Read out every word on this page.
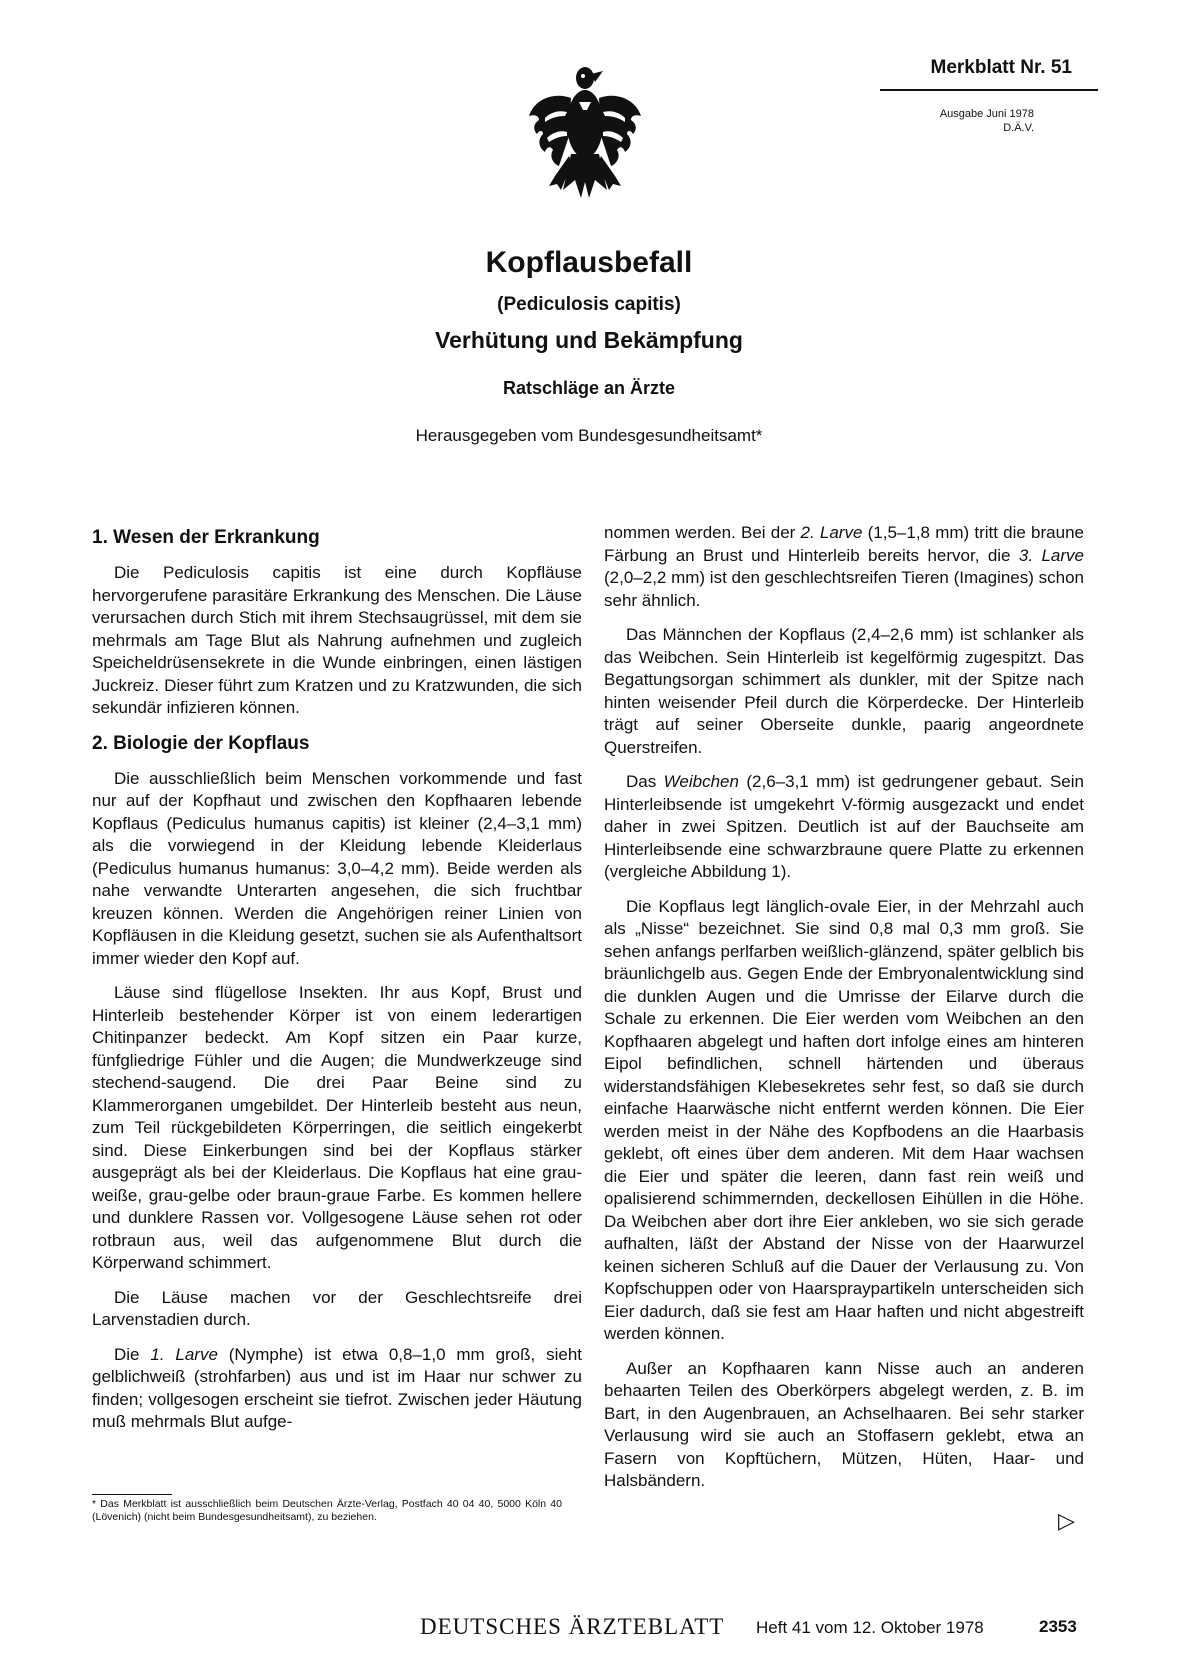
Merkblatt Nr. 51
Ausgabe Juni 1978
D.Ä.V.
Kopflausbefall
(Pediculosis capitis)
Verhütung und Bekämpfung
Ratschläge an Ärzte
Herausgegeben vom Bundesgesundheitsamt*
1. Wesen der Erkrankung

Die Pediculosis capitis ist eine durch Kopfläuse hervorgerufene parasitäre Erkrankung des Menschen. Die Läuse verursachen durch Stich mit ihrem Stechsaugrüssel, mit dem sie mehrmals am Tage Blut als Nahrung aufnehmen und zugleich Speicheldrüsensekrete in die Wunde einbringen, einen lästigen Juckreiz. Dieser führt zum Kratzen und zu Kratzwunden, die sich sekundär infizieren können.

2. Biologie der Kopflaus

Die ausschließlich beim Menschen vorkommende und fast nur auf der Kopfhaut und zwischen den Kopfhaaren lebende Kopflaus (Pediculus humanus capitis) ist kleiner (2,4–3,1 mm) als die vorwiegend in der Kleidung lebende Kleiderlaus (Pediculus humanus humanus: 3,0–4,2 mm). Beide werden als nahe verwandte Unterarten angesehen, die sich fruchtbar kreuzen können. Werden die Angehörigen reiner Linien von Kopfläusen in die Kleidung gesetzt, suchen sie als Aufenthaltsort immer wieder den Kopf auf.

Läuse sind flügellose Insekten. Ihr aus Kopf, Brust und Hinterleib bestehender Körper ist von einem lederartigen Chitinpanzer bedeckt. Am Kopf sitzen ein Paar kurze, fünfgliedrige Fühler und die Augen; die Mundwerkzeuge sind stechend-saugend. Die drei Paar Beine sind zu Klammerorganen umgebildet. Der Hinterleib besteht aus neun, zum Teil rückgebildeten Körperringen, die seitlich eingekerbt sind. Diese Einkerbungen sind bei der Kopflaus stärker ausgeprägt als bei der Kleiderlaus. Die Kopflaus hat eine grau-weiße, grau-gelbe oder braun-graue Farbe. Es kommen hellere und dunklere Rassen vor. Vollgesogene Läuse sehen rot oder rotbraun aus, weil das aufgenommene Blut durch die Körperwand schimmert.

Die Läuse machen vor der Geschlechtsreife drei Larvenstadien durch.

Die 1. Larve (Nymphe) ist etwa 0,8–1,0 mm groß, sieht gelblichweiß (strohfarben) aus und ist im Haar nur schwer zu finden; vollgesogen erscheint sie tiefrot. Zwischen jeder Häutung muß mehrmals Blut aufge-

nommen werden. Bei der 2. Larve (1,5–1,8 mm) tritt die braune Färbung an Brust und Hinterleib bereits hervor, die 3. Larve (2,0–2,2 mm) ist den geschlechtsreifen Tieren (Imagines) schon sehr ähnlich.

Das Männchen der Kopflaus (2,4–2,6 mm) ist schlanker als das Weibchen. Sein Hinterleib ist kegelförmig zugespitzt. Das Begattungsorgan schimmert als dunkler, mit der Spitze nach hinten weisender Pfeil durch die Körperdecke. Der Hinterleib trägt auf seiner Oberseite dunkle, paarig angeordnete Querstreifen.

Das Weibchen (2,6–3,1 mm) ist gedrungener gebaut. Sein Hinterleibsende ist umgekehrt V-förmig ausgezackt und endet daher in zwei Spitzen. Deutlich ist auf der Bauchseite am Hinterleibsende eine schwarzbraune quere Platte zu erkennen (vergleiche Abbildung 1).

Die Kopflaus legt länglich-ovale Eier, in der Mehrzahl auch als „Nisse“ bezeichnet. Sie sind 0,8 mal 0,3 mm groß. Sie sehen anfangs perlfarben weißlich-glänzend, später gelblich bis bräunlichgelb aus. Gegen Ende der Embryonalentwicklung sind die dunklen Augen und die Umrisse der Eilarve durch die Schale zu erkennen. Die Eier werden vom Weibchen an den Kopfhaaren abgelegt und haften dort infolge eines am hinteren Eipol befindlichen, schnell härtenden und überaus widerstandsfähigen Klebesekretes sehr fest, so daß sie durch einfache Haarwäsche nicht entfernt werden können. Die Eier werden meist in der Nähe des Kopfbodens an die Haarbasis geklebt, oft eines über dem anderen. Mit dem Haar wachsen die Eier und später die leeren, dann fast rein weiß und opalisierend schimmernden, deckellosen Eihüllen in die Höhe. Da Weibchen aber dort ihre Eier ankleben, wo sie sich gerade aufhalten, läßt der Abstand der Nisse von der Haarwurzel keinen sicheren Schluß auf die Dauer der Verlausung zu. Von Kopfschuppen oder von Haarspraypartikeln unterscheiden sich Eier dadurch, daß sie fest am Haar haften und nicht abgestreift werden können.

Außer an Kopfhaaren kann Nisse auch an anderen behaarten Teilen des Oberkörpers abgelegt werden, z. B. im Bart, in den Augenbrauen, an Achselhaaren. Bei sehr starker Verlausung wird sie auch an Stoffasern geklebt, etwa an Fasern von Kopftüchern, Mützen, Hüten, Haar- und Halsbändern.

* Das Merkblatt ist ausschließlich beim Deutschen Ärzte-Verlag, Postfach 40 04 40, 5000 Köln 40 (Lövenich) (nicht beim Bundesgesundheitsamt), zu beziehen.	▷
DEUTSCHES ÄRZTEBLATT Heft 41 vom 12. Oktober 1978	2353
